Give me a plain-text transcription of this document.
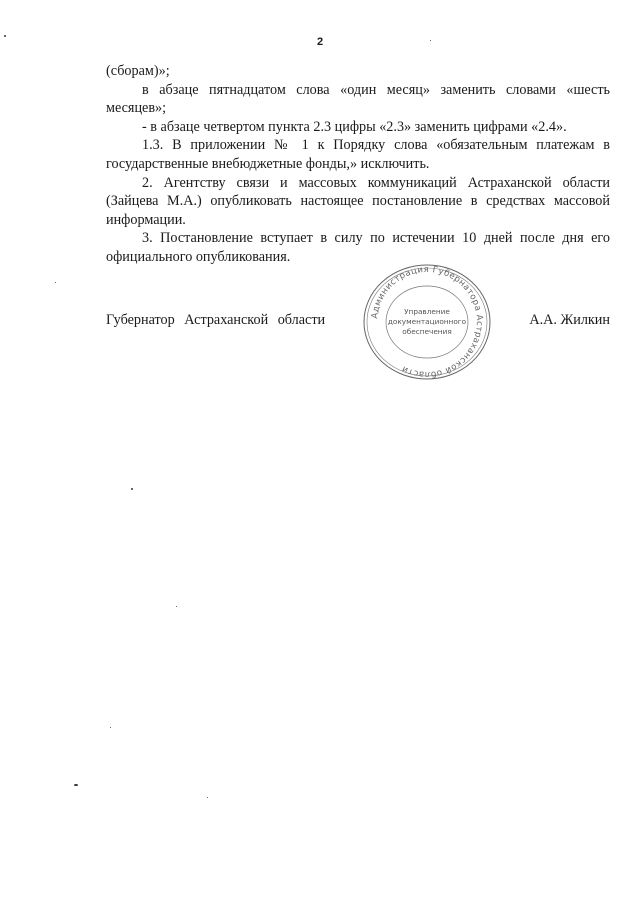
2

(сборам)»;

в абзаце пятнадцатом слова «один месяц» заменить словами «шесть месяцев»;

- в абзаце четвертом пункта 2.3 цифры «2.3» заменить цифрами «2.4».

1.3. В приложении № 1 к Порядку слова «обязательным платежам в государственные внебюджетные фонды,» исключить.

2. Агентству связи и массовых коммуникаций Астраханской области (Зайцева М.А.) опубликовать настоящее постановление в средствах массовой информации.

3. Постановление вступает в силу по истечении 10 дней после дня его официального опубликования.

Губернатор Астраханской области	А.А. Жилкин
Администрация Губернатора Астраханской области
Управление
документационного
обеспечения
